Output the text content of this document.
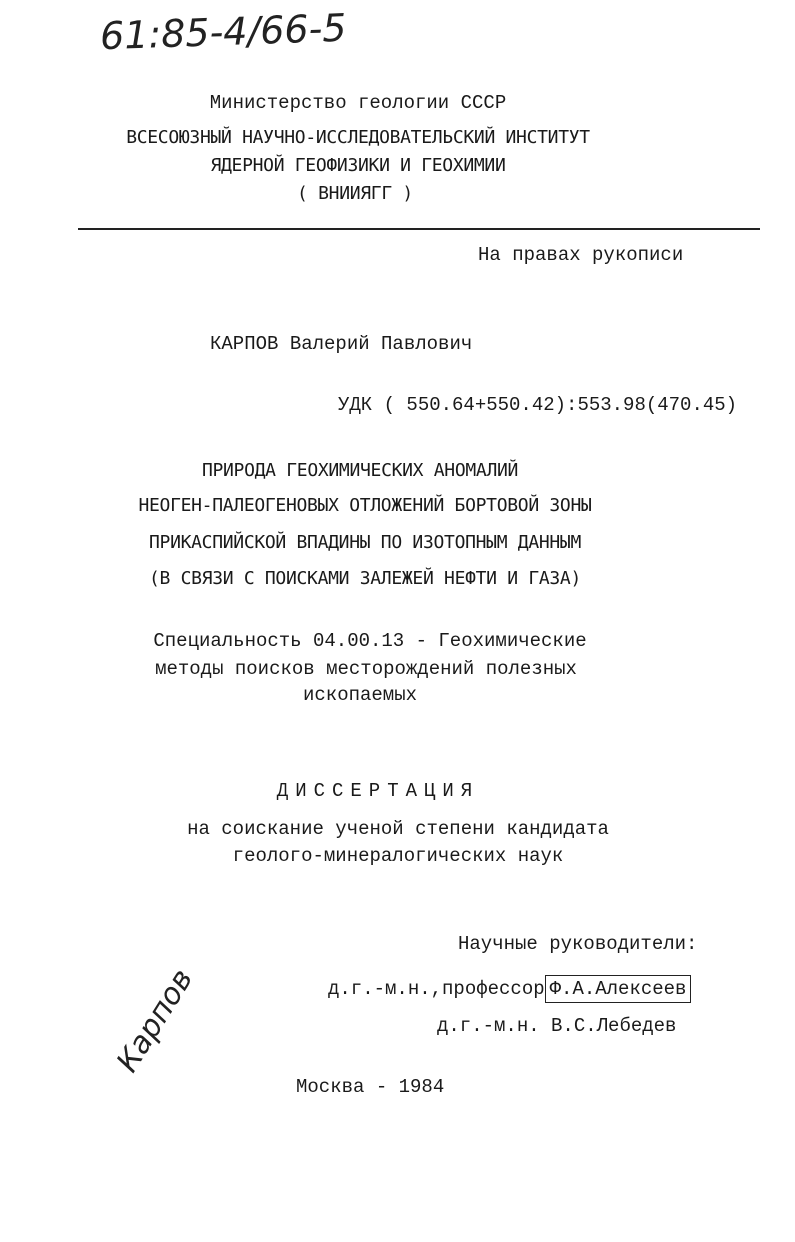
61:85-4/66-5
Министерство геологии СССР
ВСЕСОЮЗНЫЙ НАУЧНО-ИССЛЕДОВАТЕЛЬСКИЙ ИНСТИТУТ
ЯДЕРНОЙ ГЕОФИЗИКИ И ГЕОХИМИИ
( ВНИИЯГГ )
На правах рукописи
КАРПОВ Валерий Павлович
УДК ( 550.64+550.42):553.98(470.45)
ПРИРОДА ГЕОХИМИЧЕСКИХ АНОМАЛИЙ
НЕОГЕН-ПАЛЕОГЕНОВЫХ ОТЛОЖЕНИЙ БОРТОВОЙ ЗОНЫ
ПРИКАСПИЙСКОЙ ВПАДИНЫ ПО ИЗОТОПНЫМ ДАННЫМ
(В СВЯЗИ С ПОИСКАМИ ЗАЛЕЖЕЙ НЕФТИ И ГАЗА)
Специальность 04.00.13 - Геохимические
методы поисков месторождений полезных
ископаемых
ДИССЕРТАЦИЯ
на соискание ученой степени кандидата
геолого-минералогических наук
Научные руководители:
д.г.-м.н.,профессор Ф.А.Алексеев
д.г.-м.н. В.С.Лебедев
Карпов
Москва - 1984
